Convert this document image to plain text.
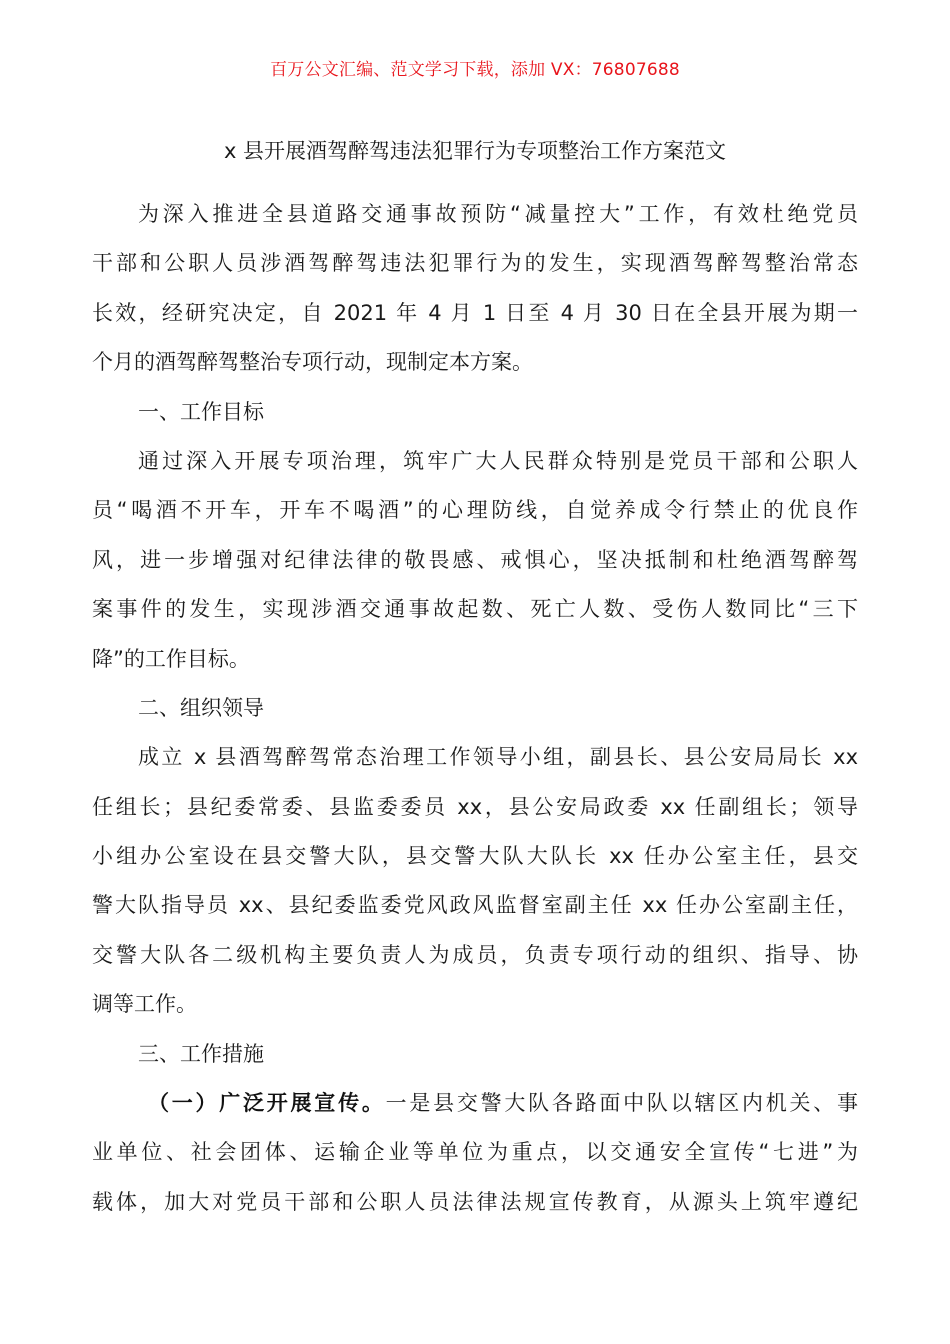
百万公文汇编、范文学习下载，添加 VX：76807688
x 县开展酒驾醉驾违法犯罪行为专项整治工作方案范文
为深入推进全县道路交通事故预防“减量控大”工作，有效杜绝党员
干部和公职人员涉酒驾醉驾违法犯罪行为的发生，实现酒驾醉驾整治常态
长效，经研究决定，自 2021 年 4 月 1 日至 4 月 30 日在全县开展为期一
个月的酒驾醉驾整治专项行动，现制定本方案。
一、工作目标
通过深入开展专项治理，筑牢广大人民群众特别是党员干部和公职人
员“喝酒不开车，开车不喝酒”的心理防线，自觉养成令行禁止的优良作
风，进一步增强对纪律法律的敬畏感、戒惧心，坚决抵制和杜绝酒驾醉驾
案事件的发生，实现涉酒交通事故起数、死亡人数、受伤人数同比“三下
降”的工作目标。
二、组织领导
成立 x 县酒驾醉驾常态治理工作领导小组，副县长、县公安局局长 xx
任组长；县纪委常委、县监委委员 xx，县公安局政委 xx 任副组长；领导
小组办公室设在县交警大队，县交警大队大队长 xx 任办公室主任，县交
警大队指导员 xx、县纪委监委党风政风监督室副主任 xx 任办公室副主任，
交警大队各二级机构主要负责人为成员，负责专项行动的组织、指导、协
调等工作。
三、工作措施
（一）广泛开展宣传。一是县交警大队各路面中队以辖区内机关、事
业单位、社会团体、运输企业等单位为重点，以交通安全宣传“七进”为
载体，加大对党员干部和公职人员法律法规宣传教育，从源头上筑牢遵纪
